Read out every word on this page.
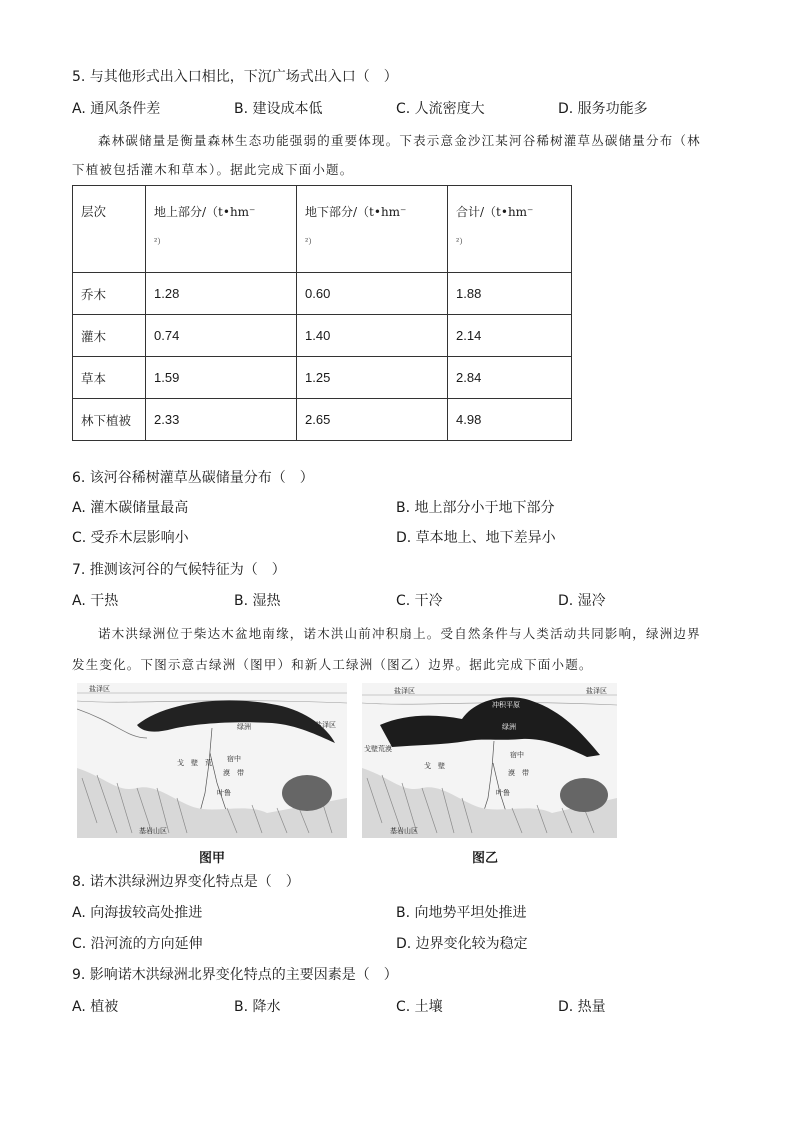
5. 与其他形式出入口相比，下沉广场式出入口（　）
A. 通风条件差	B. 建设成本低	C. 人流密度大	D. 服务功能多
森林碳储量是衡量森林生态功能强弱的重要体现。下表示意金沙江某河谷稀树灌草丛碳储量分布（林
下植被包括灌木和草本）。据此完成下面小题。
层次	地上部分/（t•hm⁻
²）	地下部分/（t•hm⁻
²）	合计/（t•hm⁻
²）
乔木	1.28	0.60	1.88
灌木	0.74	1.40	2.14
草本	1.59	1.25	2.84
林下植被	2.33	2.65	4.98
6. 该河谷稀树灌草丛碳储量分布（　）
A. 灌木碳储量最高	B. 地上部分小于地下部分
C. 受乔木层影响小	D. 草本地上、地下差异小
7. 推测该河谷的气候特征为（　）
A. 干热	B. 湿热	C. 干冷	D. 湿冷
诺木洪绿洲位于柴达木盆地南缘，诺木洪山前冲积扇上。受自然条件与人类活动共同影响，绿洲边界
发生变化。下图示意古绿洲（图甲）和新人工绿洲（图乙）边界。据此完成下面小题。
盐泽区
盐泽区
绿洲
戈　壁　荒
漠　带
宿中
叶鲁
基岩山区
图甲
盐泽区	盐泽区
冲积平原
绿洲
戈壁荒漠
戈　壁
漠　带
宿中
叶鲁
基岩山区
图乙
8. 诺木洪绿洲边界变化特点是（　）
A. 向海拔较高处推进	B. 向地势平坦处推进
C. 沿河流的方向延伸	D. 边界变化较为稳定
9. 影响诺木洪绿洲北界变化特点的主要因素是（　）
A. 植被	B. 降水	C. 土壤	D. 热量
